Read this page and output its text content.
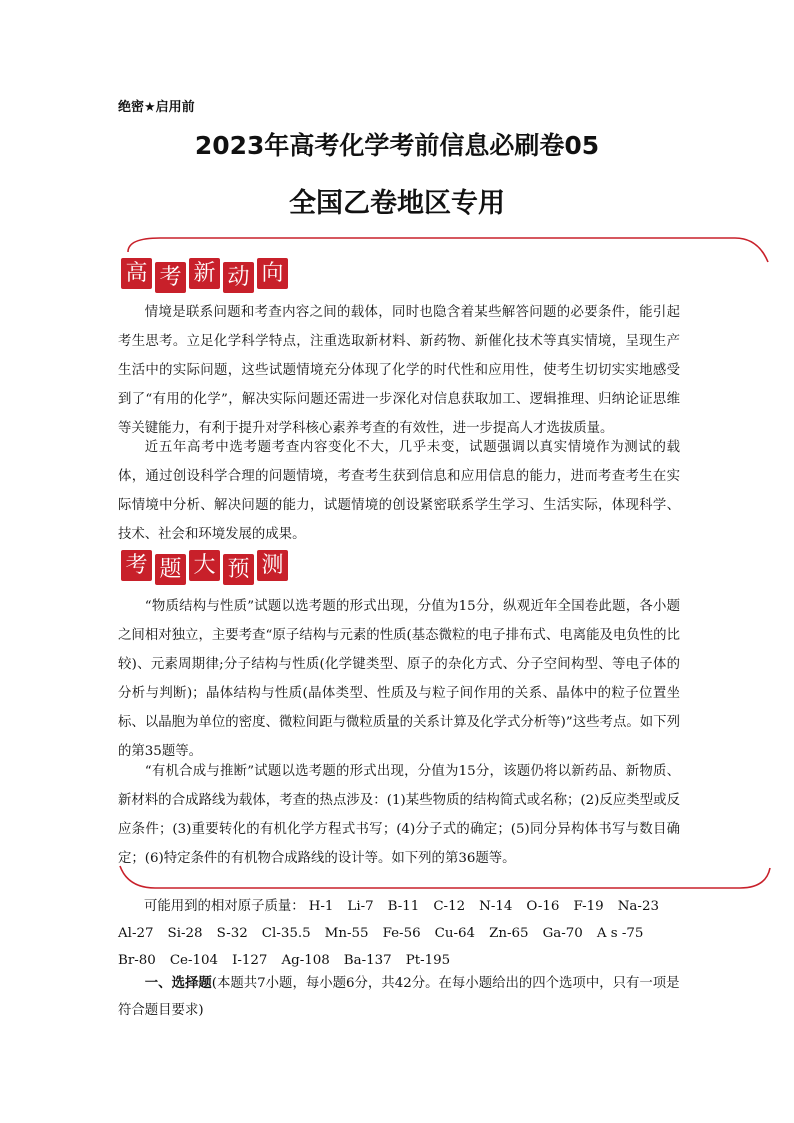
绝密★启用前
2023年高考化学考前信息必刷卷05
全国乙卷地区专用
高 考 新 动 向

情境是联系问题和考查内容之间的载体，同时也隐含着某些解答问题的必要条件，能引起考生思考。立足化学科学特点，注重选取新材料、新药物、新催化技术等真实情境，呈现生产生活中的实际问题，这些试题情境充分体现了化学的时代性和应用性，使考生切切实实地感受到了“有用的化学”，解决实际问题还需进一步深化对信息获取加工、逻辑推理、归纳论证思维等关键能力，有利于提升对学科核心素养考查的有效性，进一步提高人才选拔质量。

近五年高考中选考题考查内容变化不大，几乎未变，试题强调以真实情境作为测试的载体，通过创设科学合理的问题情境，考查考生获到信息和应用信息的能力，进而考查考生在实际情境中分析、解决问题的能力，试题情境的创设紧密联系学生学习、生活实际，体现科学、技术、社会和环境发展的成果。

考 题 大 预 测

“物质结构与性质”试题以选考题的形式出现，分值为15分，纵观近年全国卷此题，各小题之间相对独立，主要考查“原子结构与元素的性质(基态微粒的电子排布式、电离能及电负性的比较)、元素周期律;分子结构与性质(化学键类型、原子的杂化方式、分子空间构型、等电子体的分析与判断)；晶体结构与性质(晶体类型、性质及与粒子间作用的关系、晶体中的粒子位置坐标、以晶胞为单位的密度、微粒间距与微粒质量的关系计算及化学式分析等)”这些考点。如下列的第35题等。

“有机合成与推断”试题以选考题的形式出现，分值为15分，该题仍将以新药品、新物质、新材料的合成路线为载体，考查的热点涉及：(1)某些物质的结构简式或名称；(2)反应类型或反应条件；(3)重要转化的有机化学方程式书写；(4)分子式的确定；(5)同分异构体书写与数目确定；(6)特定条件的有机物合成路线的设计等。如下列的第36题等。

可能用到的相对原子质量： H-1 Li-7 B-11 C-12 N-14 O-16 F-19 Na-23
Al-27 Si-28 S-32 Cl-35.5 Mn-55 Fe-56 Cu-64 Zn-65 Ga-70 A s -75
Br-80 Ce-104 I-127 Ag-108 Ba-137 Pt-195

一、选择题(本题共7小题，每小题6分，共42分。在每小题给出的四个选项中，只有一项是符合题目要求)
